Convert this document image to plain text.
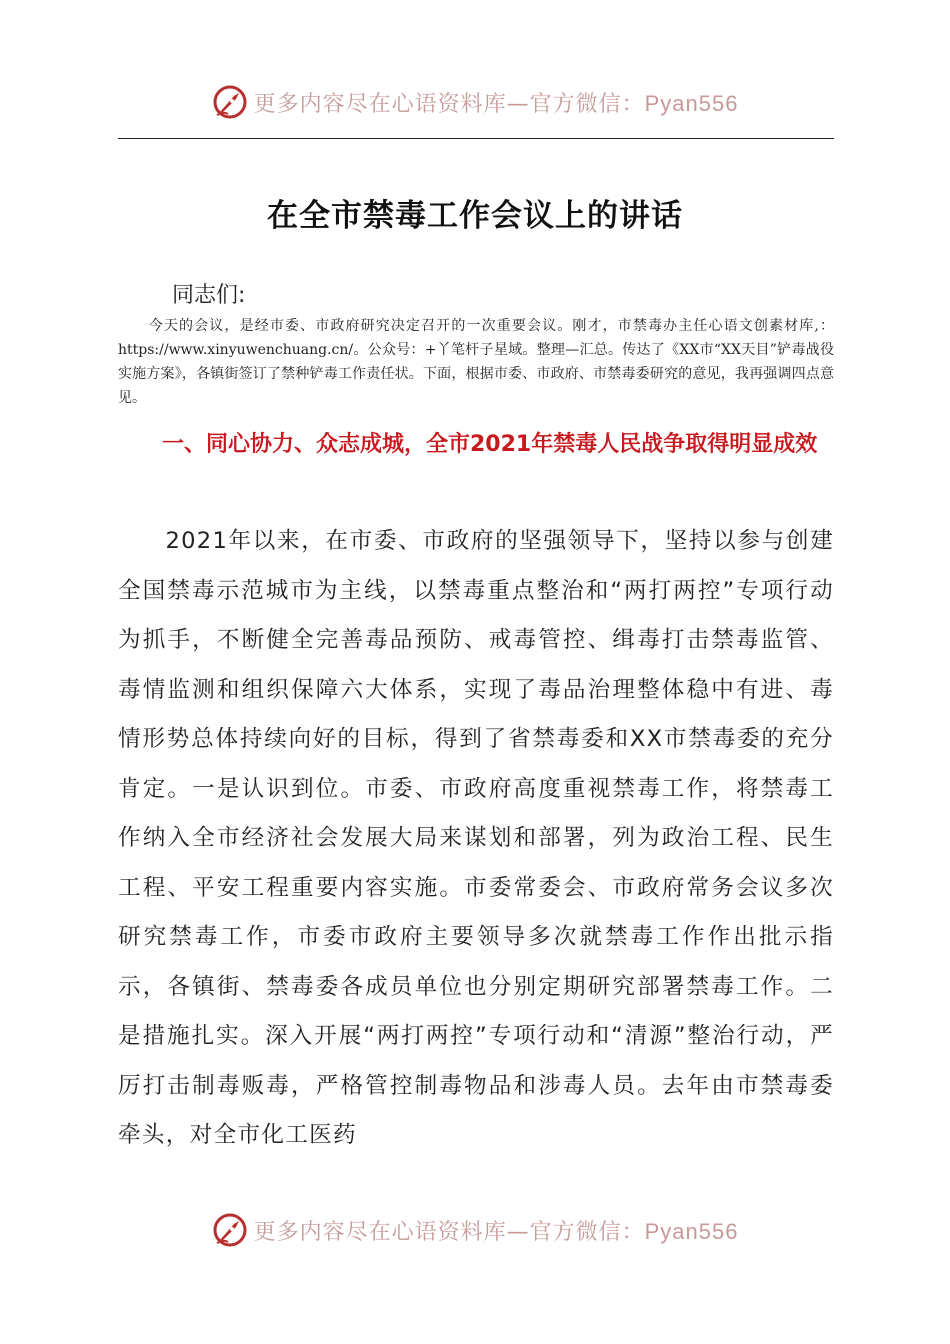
更多内容尽在心语资料库—官方微信：Pyan556
在全市禁毒工作会议上的讲话
同志们:
今天的会议，是经市委、市政府研究决定召开的一次重要会议。刚才，市禁毒办主任心语文创素材库,：https://www.xinyuwenchuang.cn/。公众号：+丫笔杆子星域。整理—汇总。传达了《XX市“XX天目”铲毒战役实施方案》，各镇街签订了禁种铲毒工作责任状。下面，根据市委、市政府、市禁毒委研究的意见，我再强调四点意见。
一、同心协力、众志成城，全市2021年禁毒人民战争取得明显成效
2021年以来，在市委、市政府的坚强领导下，坚持以参与创建全国禁毒示范城市为主线，以禁毒重点整治和“两打两控”专项行动为抓手，不断健全完善毒品预防、戒毒管控、缉毒打击禁毒监管、毒情监测和组织保障六大体系，实现了毒品治理整体稳中有进、毒情形势总体持续向好的目标，得到了省禁毒委和XX市禁毒委的充分肯定。一是认识到位。市委、市政府高度重视禁毒工作，将禁毒工作纳入全市经济社会发展大局来谋划和部署，列为政治工程、民生工程、平安工程重要内容实施。市委常委会、市政府常务会议多次研究禁毒工作，市委市政府主要领导多次就禁毒工作作出批示指示，各镇街、禁毒委各成员单位也分别定期研究部署禁毒工作。二是措施扎实。深入开展“两打两控”专项行动和“清源”整治行动，严厉打击制毒贩毒，严格管控制毒物品和涉毒人员。去年由市禁毒委牵头，对全市化工医药
更多内容尽在心语资料库—官方微信：Pyan556
